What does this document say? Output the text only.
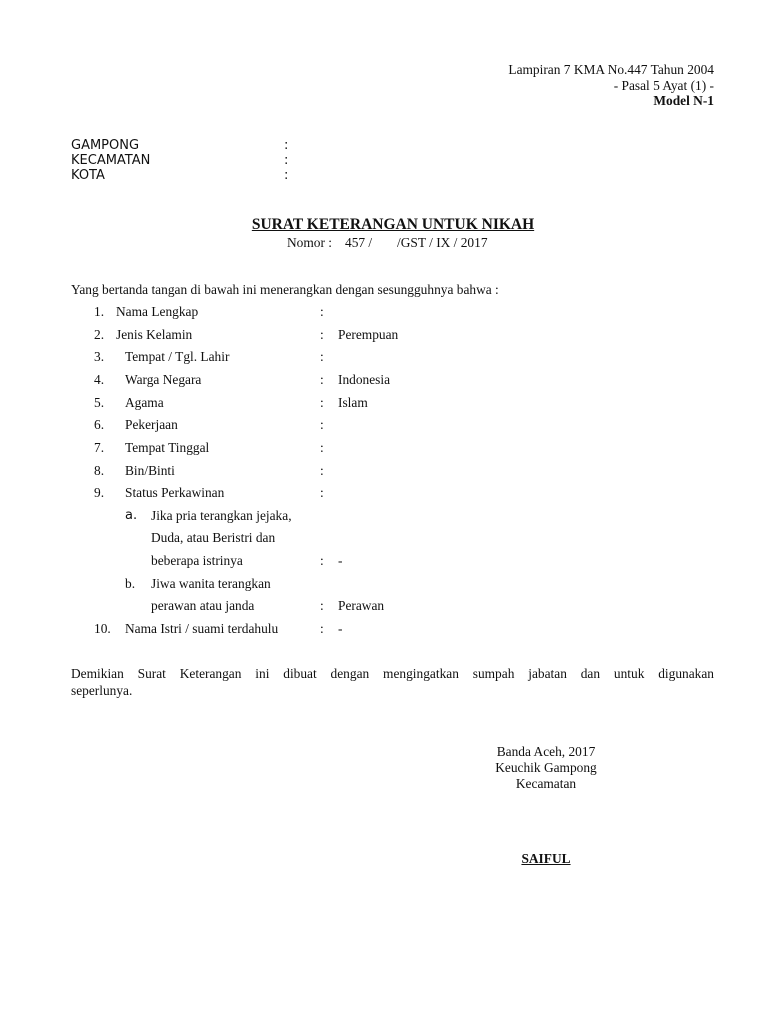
Lampiran 7 KMA No.447 Tahun 2004
- Pasal 5 Ayat (1) -
Model N-1
GAMPONG	:
KECAMATAN	:
KOTA	:
SURAT KETERANGAN UNTUK NIKAH
Nomor : 457 / /GST / IX / 2017
Yang bertanda tangan di bawah ini menerangkan dengan sesungguhnya bahwa :
1. Nama Lengkap	:
2. Jenis Kelamin	: Perempuan
3. Tempat / Tgl. Lahir	:
4. Warga Negara	: Indonesia
5. Agama	: Islam
6. Pekerjaan	:
7. Tempat Tinggal	:
8. Bin/Binti	:
9. Status Perkawinan	:
a. Jika pria terangkan jejaka,
Duda, atau Beristri dan
beberapa istrinya	: -
b. Jiwa wanita terangkan
perawan atau janda	: Perawan
10. Nama Istri / suami terdahulu	: -
Demikian Surat Keterangan ini dibuat dengan mengingatkan sumpah jabatan dan untuk digunakan
seperlunya.
Banda Aceh, 2017
Keuchik Gampong
Kecamatan
SAIFUL
